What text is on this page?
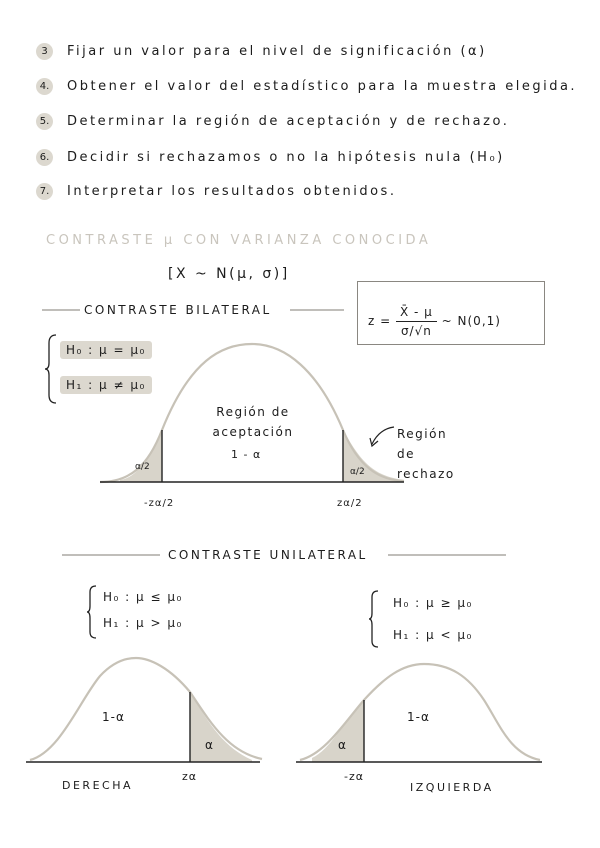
3	Fijar un valor para el nivel de significación (α)
4. Obtener el valor del estadístico para la muestra elegida.
5. Determinar la región de aceptación y de rechazo.
6. Decidir si rechazamos o no la hipótesis nula (H₀)
7. Interpretar los resultados obtenidos.
CONTRASTE μ CON VARIANZA CONOCIDA
[X ~ N(μ, σ)]
CONTRASTE BILATERAL
$z = \frac{X̄ - \mu}{\sigma/√n}$ ~ N(0,1)
H₀ : μ = μ₀
H₁ : μ ≠ μ₀
α/2	α/2
Región de aceptación
1 - α
Región de rechazo
-zα/2	zα/2
CONTRASTE UNILATERAL
H₀ : μ ≤ μ₀
H₁ : μ > μ₀
H₀ : μ ≥ μ₀
H₁ : μ < μ₀
1-α
α
zα
DERECHA
1-α
α
-zα
IZQUIERDA
